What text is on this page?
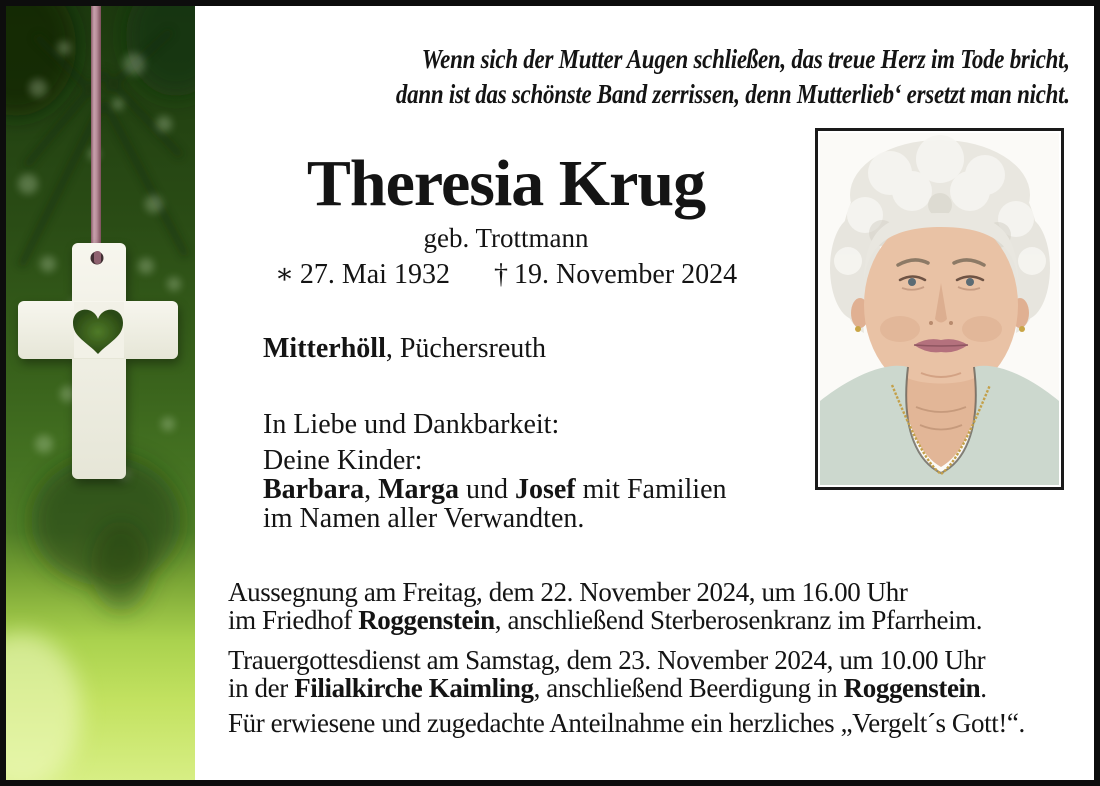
Wenn sich der Mutter Augen schließen, das treue Herz im Tode bricht,
dann ist das schönste Band zerrissen, denn Mutterlieb‘ ersetzt man nicht.
Theresia Krug
geb. Trottmann
∗ 27. Mai 1932 † 19. November 2024
Mitterhöll, Püchersreuth
In Liebe und Dankbarkeit:
Deine Kinder:
Barbara, Marga und Josef mit Familien
im Namen aller Verwandten.
Aussegnung am Freitag, dem 22. November 2024, um 16.00 Uhr
im Friedhof Roggenstein, anschließend Sterberosenkranz im Pfarrheim.
Trauergottesdienst am Samstag, dem 23. November 2024, um 10.00 Uhr
in der Filialkirche Kaimling, anschließend Beerdigung in Roggenstein.
Für erwiesene und zugedachte Anteilnahme ein herzliches „Vergelt´s Gott!“.
